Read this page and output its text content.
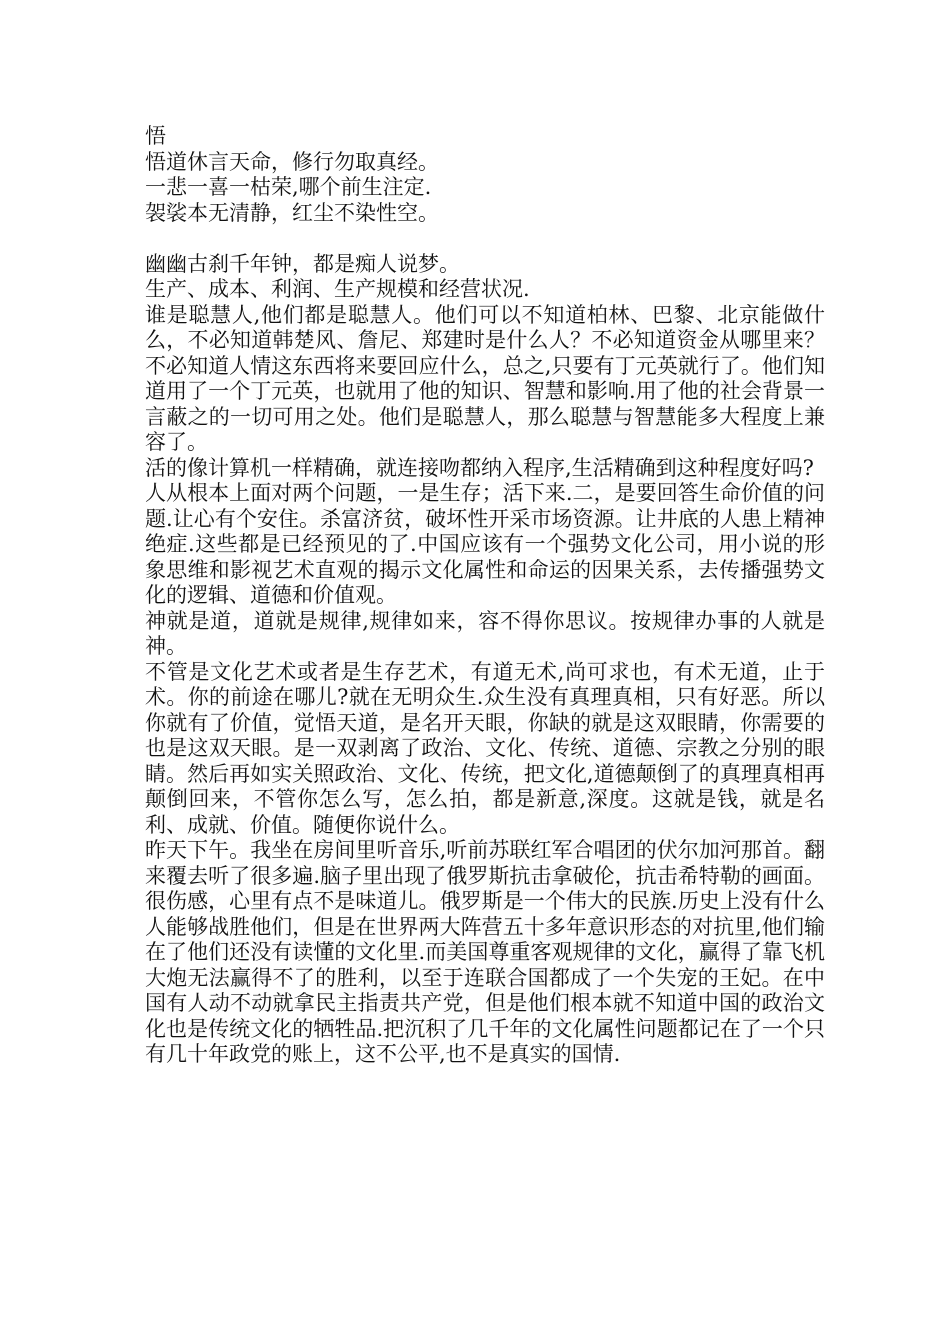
悟

悟道休言天命，修行勿取真经。

一悲一喜一枯荣,哪个前生注定.

袈裟本无清静，红尘不染性空。

幽幽古刹千年钟，都是痴人说梦。

生产、成本、利润、生产规模和经营状况.

谁是聪慧人,他们都是聪慧人。他们可以不知道柏林、巴黎、北京能做什么，不必知道韩楚风、詹尼、郑建时是什么人？不必知道资金从哪里来？不必知道人情这东西将来要回应什么，总之,只要有丁元英就行了。他们知道用了一个丁元英，也就用了他的知识、智慧和影响.用了他的社会背景一言蔽之的一切可用之处。他们是聪慧人，那么聪慧与智慧能多大程度上兼容了。

活的像计算机一样精确，就连接吻都纳入程序,生活精确到这种程度好吗?

人从根本上面对两个问题，一是生存；活下来.二，是要回答生命价值的问题.让心有个安住。杀富济贫，破坏性开采市场资源。让井底的人患上精神绝症.这些都是已经预见的了.中国应该有一个强势文化公司，用小说的形象思维和影视艺术直观的揭示文化属性和命运的因果关系，去传播强势文化的逻辑、道德和价值观。

神就是道，道就是规律,规律如来，容不得你思议。按规律办事的人就是神。

不管是文化艺术或者是生存艺术，有道无术,尚可求也，有术无道，止于术。你的前途在哪儿?就在无明众生.众生没有真理真相，只有好恶。所以你就有了价值，觉悟天道，是名开天眼，你缺的就是这双眼睛，你需要的也是这双天眼。是一双剥离了政治、文化、传统、道德、宗教之分别的眼睛。然后再如实关照政治、文化、传统，把文化,道德颠倒了的真理真相再颠倒回来，不管你怎么写，怎么拍，都是新意,深度。这就是钱，就是名利、成就、价值。随便你说什么。

昨天下午。我坐在房间里听音乐,听前苏联红军合唱团的伏尔加河那首。翻来覆去听了很多遍.脑子里出现了俄罗斯抗击拿破伦，抗击希特勒的画面。很伤感，心里有点不是味道儿。俄罗斯是一个伟大的民族.历史上没有什么人能够战胜他们，但是在世界两大阵营五十多年意识形态的对抗里,他们输在了他们还没有读懂的文化里.而美国尊重客观规律的文化，赢得了靠飞机大炮无法赢得不了的胜利，以至于连联合国都成了一个失宠的王妃。在中国有人动不动就拿民主指责共产党，但是他们根本就不知道中国的政治文化也是传统文化的牺牲品.把沉积了几千年的文化属性问题都记在了一个只有几十年政党的账上，这不公平,也不是真实的国情.
